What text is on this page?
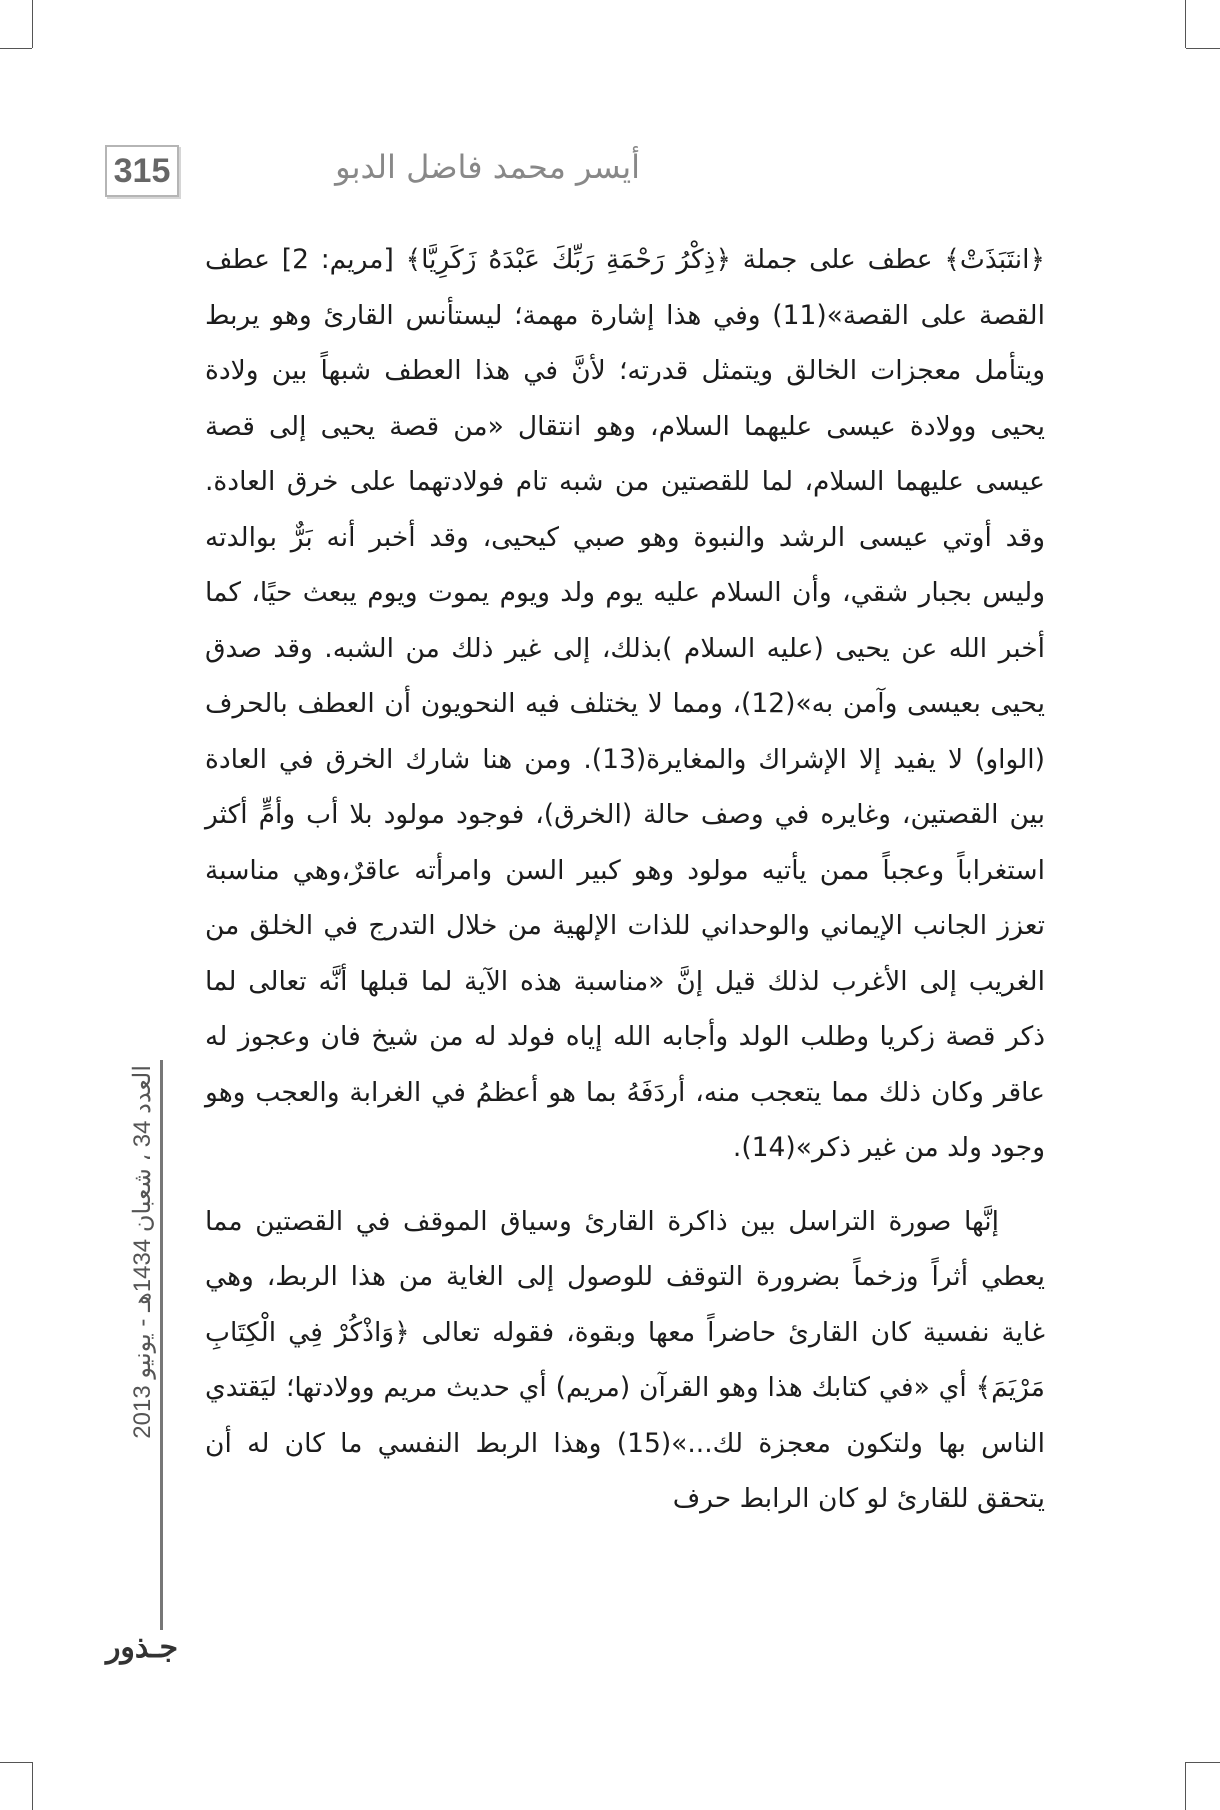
315	أيسر محمد فاضل الدبو

﴿انتَبَذَتْ﴾ عطف على جملة ﴿ذِكْرُ رَحْمَةِ رَبِّكَ عَبْدَهُ زَكَرِيَّا﴾ [مريم: 2] عطف القصة على القصة»(11) وفي هذا إشارة مهمة؛ ليستأنس القارئ وهو يربط ويتأمل معجزات الخالق ويتمثل قدرته؛ لأنَّ في هذا العطف شبهاً بين ولادة يحيى وولادة عيسى عليهما السلام، وهو انتقال «من قصة يحيى إلى قصة عيسى عليهما السلام، لما للقصتين من شبه تام فولادتهما على خرق العادة. وقد أوتي عيسى الرشد والنبوة وهو صبي كيحيى، وقد أخبر أنه بَرٌّ بوالدته وليس بجبار شقي، وأن السلام عليه يوم ولد ويوم يموت ويوم يبعث حيًا، كما أخبر الله عن يحيى (عليه السلام )بذلك، إلى غير ذلك من الشبه. وقد صدق يحيى بعيسى وآمن به»(12)، ومما لا يختلف فيه النحويون أن العطف بالحرف (الواو) لا يفيد إلا الإشراك والمغايرة(13). ومن هنا شارك الخرق في العادة بين القصتين، وغايره في وصف حالة (الخرق)، فوجود مولود بلا أب وأمٍّ أكثر استغراباً وعجباً ممن يأتيه مولود وهو كبير السن وامرأته عاقرٌ،وهي مناسبة تعزز الجانب الإيماني والوحداني للذات الإلهية من خلال التدرج في الخلق من الغريب إلى الأغرب لذلك قيل إنَّ «مناسبة هذه الآية لما قبلها أنَّه تعالى لما ذكر قصة زكريا وطلب الولد وأجابه الله إياه فولد له من شيخ فان وعجوز له عاقر وكان ذلك مما يتعجب منه، أردَفَهُ بما هو أعظمُ في الغرابة والعجب وهو وجود ولد من غير ذكر»(14).

إنَّها صورة التراسل بين ذاكرة القارئ وسياق الموقف في القصتين مما يعطي أثراً وزخماً بضرورة التوقف للوصول إلى الغاية من هذا الربط، وهي غاية نفسية كان القارئ حاضراً معها وبقوة، فقوله تعالى ﴿وَاذْكُرْ فِي الْكِتَابِ مَرْيَمَ﴾ أي «في كتابك هذا وهو القرآن (مريم) أي حديث مريم وولادتها؛ ليَقتدي الناس بها ولتكون معجزة لك...»(15) وهذا الربط النفسي ما كان له أن يتحقق للقارئ لو كان الرابط حرف

العدد 34 ، شعبان 1434هـ - يونيو 2013
جـذور
